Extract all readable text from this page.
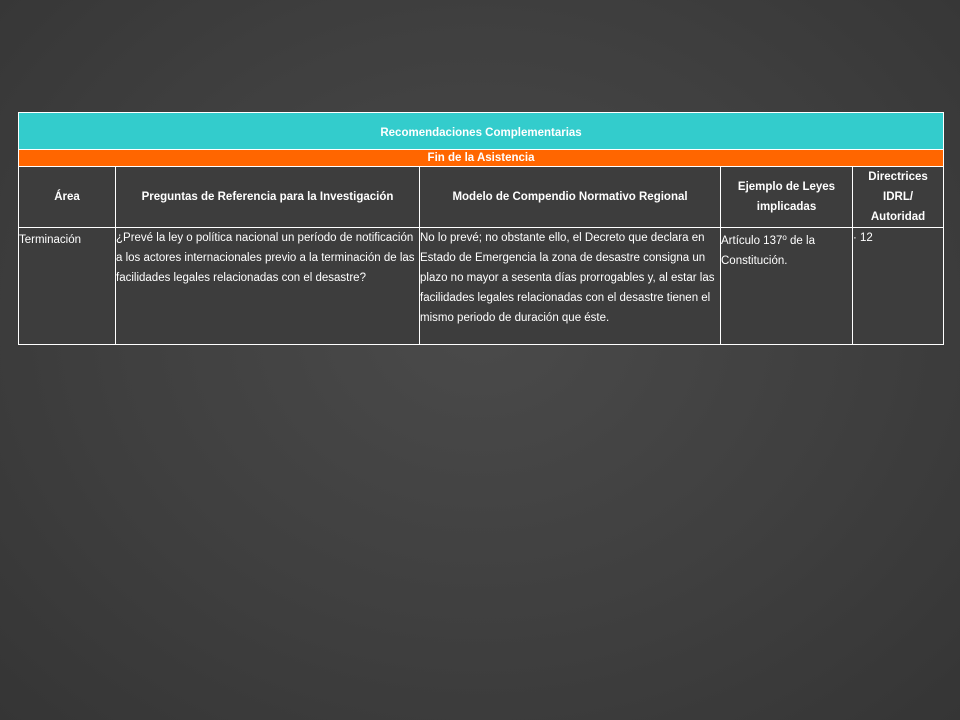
Recomendaciones Complementarias				
Fin de la Asistencia				
Área	Preguntas de Referencia para la Investigación	Modelo de Compendio Normativo Regional	Ejemplo de Leyes implicadas	Directrices IDRL/ Autoridad
Terminación	¿Prevé la ley o política nacional un período de notificación a los actores internacionales previo a la terminación de las facilidades legales relacionadas con el desastre?	No lo prevé; no obstante ello, el Decreto que declara en Estado de Emergencia la zona de desastre consigna un plazo no mayor a sesenta días prorrogables y, al estar las facilidades legales relacionadas con el desastre tienen el mismo periodo de duración que éste.	Artículo 137$^o$ de la Constitución.	· 12
